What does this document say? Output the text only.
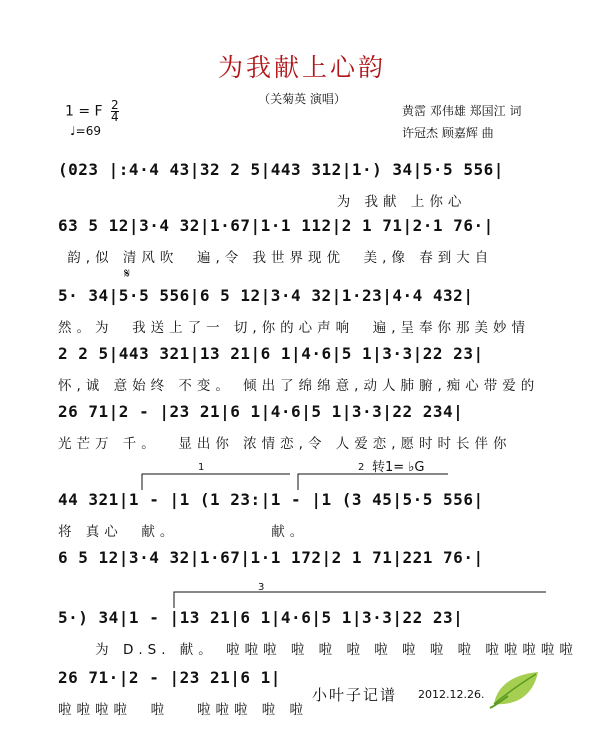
为我献上心韵
（关菊英 演唱）
1 = F $\frac{2}{4}$
♩=69
黄霑 邓伟雄 郑国江 词
许冠杰 顾嘉辉 曲
(023 |:4·4 43|32 2 5|443 312|1·) 34|5·5 556|
为 我献 上你心
63 5 12|3·4 32|1·67|1·1 112|2 1 71|2·1 76·|
韵,似 清风吹  遍,令 我世界现优  美,像 春到大自
𝄋
5· 34|5·5 556|6 5 12|3·4 32|1·23|4·4 432|
然。为  我送上了一 切,你的心声响  遍,呈奉你那美妙情
2 2 5|443 321|13 21|6 1|4·6|5 1|3·3|22 23|
怀,诚 意始终 不变。 倾出了绵绵意,动人肺腑,痴心带爱的
26 71|2 - |23 21|6 1|4·6|5 1|3·3|22 234|
光芒万 千。  显出你 浓情恋,令 人爱恋,愿时时长伴你
转1= ♭G
1	2
44 321|1 - |1 (1 23:|1 - |1 (3 45|5·5 556|
将 真心  献。          献。
6 5 12|3·4 32|1·67|1·1 172|2 1 71|221 76·|
3
5·) 34|1 - |13 21|6 1|4·6|5 1|3·3|22 23|
为 D.S. 献。 啦啦啦 啦 啦 啦 啦 啦 啦 啦 啦啦啦啦啦
26 71·|2 - |23 21|6 1|
啦啦啦啦  啦   啦啦啦 啦 啦
小叶子记谱 2012.12.26.
